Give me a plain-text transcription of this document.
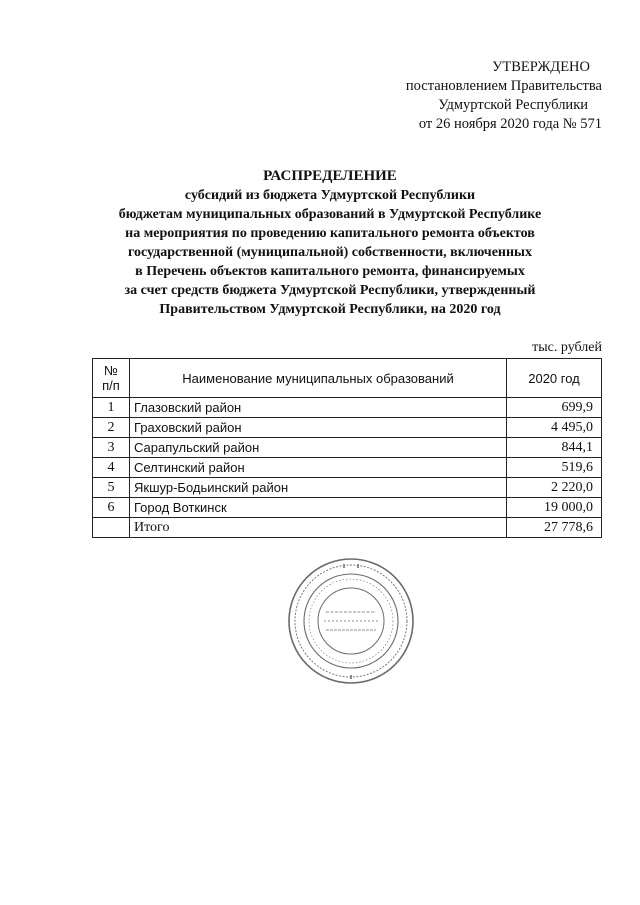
УТВЕРЖДЕНО
постановлением Правительства
Удмуртской Республики
от 26 ноября 2020 года № 571
РАСПРЕДЕЛЕНИЕ
субсидий из бюджета Удмуртской Республики
бюджетам муниципальных образований в Удмуртской Республике
на мероприятия по проведению капитального ремонта объектов
государственной (муниципальной) собственности, включенных
в Перечень объектов капитального ремонта, финансируемых
за счет средств бюджета Удмуртской Республики, утвержденный
Правительством Удмуртской Республики, на 2020 год
тыс. рублей
№
п/п	Наименование муниципальных образований	2020 год
1	Глазовский район	699,9
2	Граховский район	4 495,0
3	Сарапульский район	844,1
4	Селтинский район	519,6
5	Якшур-Бодьинский район	2 220,0
6	Город Воткинск	19 000,0
	Итого	27 778,6
